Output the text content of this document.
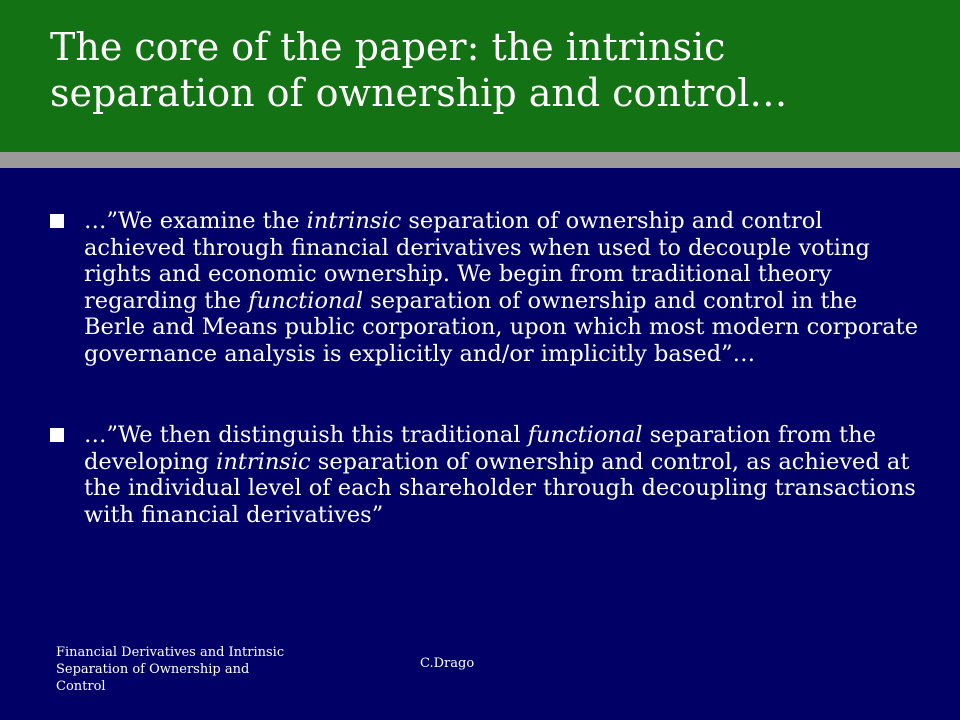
The core of the paper: the intrinsic separation of ownership and control…
…”We examine the intrinsic separation of ownership and control achieved through financial derivatives when used to decouple voting rights and economic ownership. We begin from traditional theory regarding the functional separation of ownership and control in the Berle and Means public corporation, upon which most modern corporate governance analysis is explicitly and/or implicitly based”…
…”We then distinguish this traditional functional separation from the developing intrinsic separation of ownership and control, as achieved at the individual level of each shareholder through decoupling transactions with financial derivatives”
Financial Derivatives and Intrinsic Separation of Ownership and Control
C.Drago
